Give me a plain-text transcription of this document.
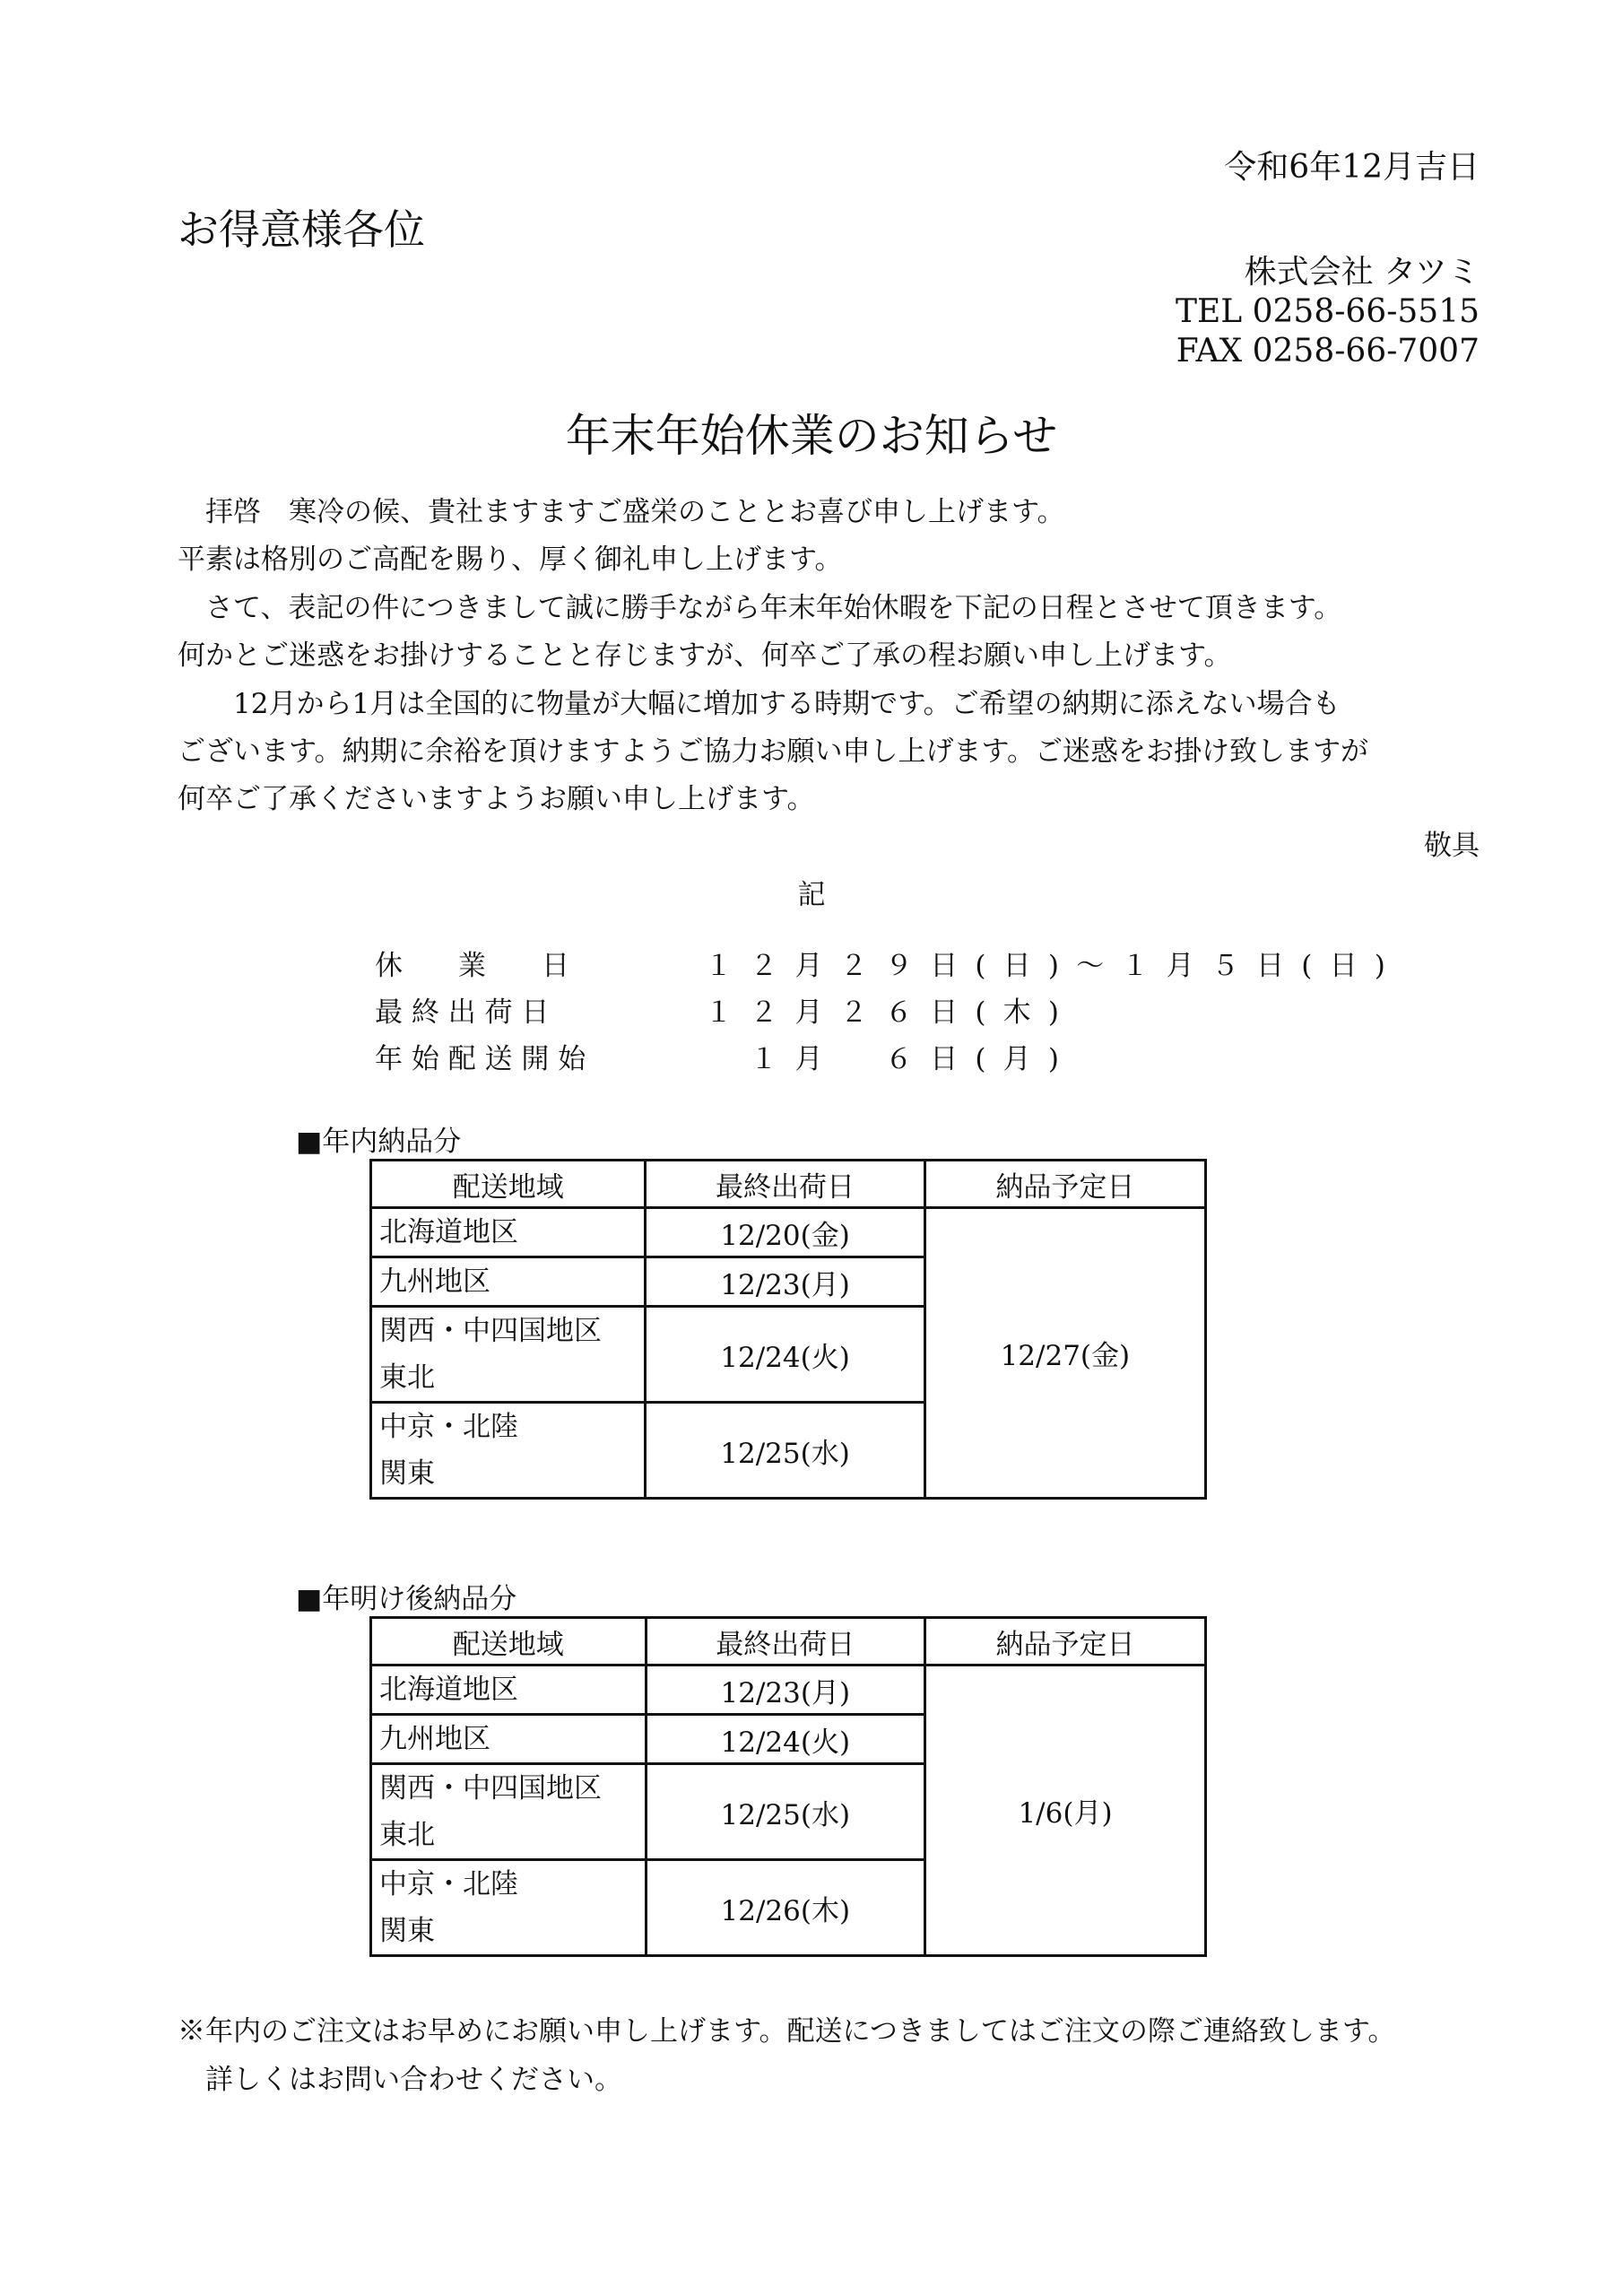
令和6年12月吉日
お得意様各位
株式会社 タツミ
TEL 0258-66-5515
FAX 0258-66-7007
年末年始休業のお知らせ
　拝啓　寒冷の候、貴社ますますご盛栄のこととお喜び申し上げます。
平素は格別のご高配を賜り、厚く御礼申し上げます。
　さて、表記の件につきまして誠に勝手ながら年末年始休暇を下記の日程とさせて頂きます。
何かとご迷惑をお掛けすることと存じますが、何卒ご了承の程お願い申し上げます。
　　12月から1月は全国的に物量が大幅に増加する時期です。ご希望の納期に添えない場合も
ございます。納期に余裕を頂けますようご協力お願い申し上げます。ご迷惑をお掛け致しますが
何卒ご了承くださいますようお願い申し上げます。
敬具
記
休　　業　　日	１２月２９日(日)〜１月５日(日)
最 終 出 荷 日	１２月２６日(木)
年 始 配 送 開 始	　１月　６日(月)
■年内納品分
配送地域	最終出荷日	納品予定日
北海道地区	12/20(金)	12/27(金)
九州地区	12/23(月)	

関西・中四国地区
東北	12/24(火)	

中京・北陸
関東	12/25(水)	
■年明け後納品分
配送地域	最終出荷日	納品予定日
北海道地区	12/23(月)	1/6(月)
九州地区	12/24(火)	

関西・中四国地区
東北	12/25(水)	

中京・北陸
関東	12/26(木)	
※年内のご注文はお早めにお願い申し上げます。配送につきましてはご注文の際ご連絡致します。
　詳しくはお問い合わせください。
